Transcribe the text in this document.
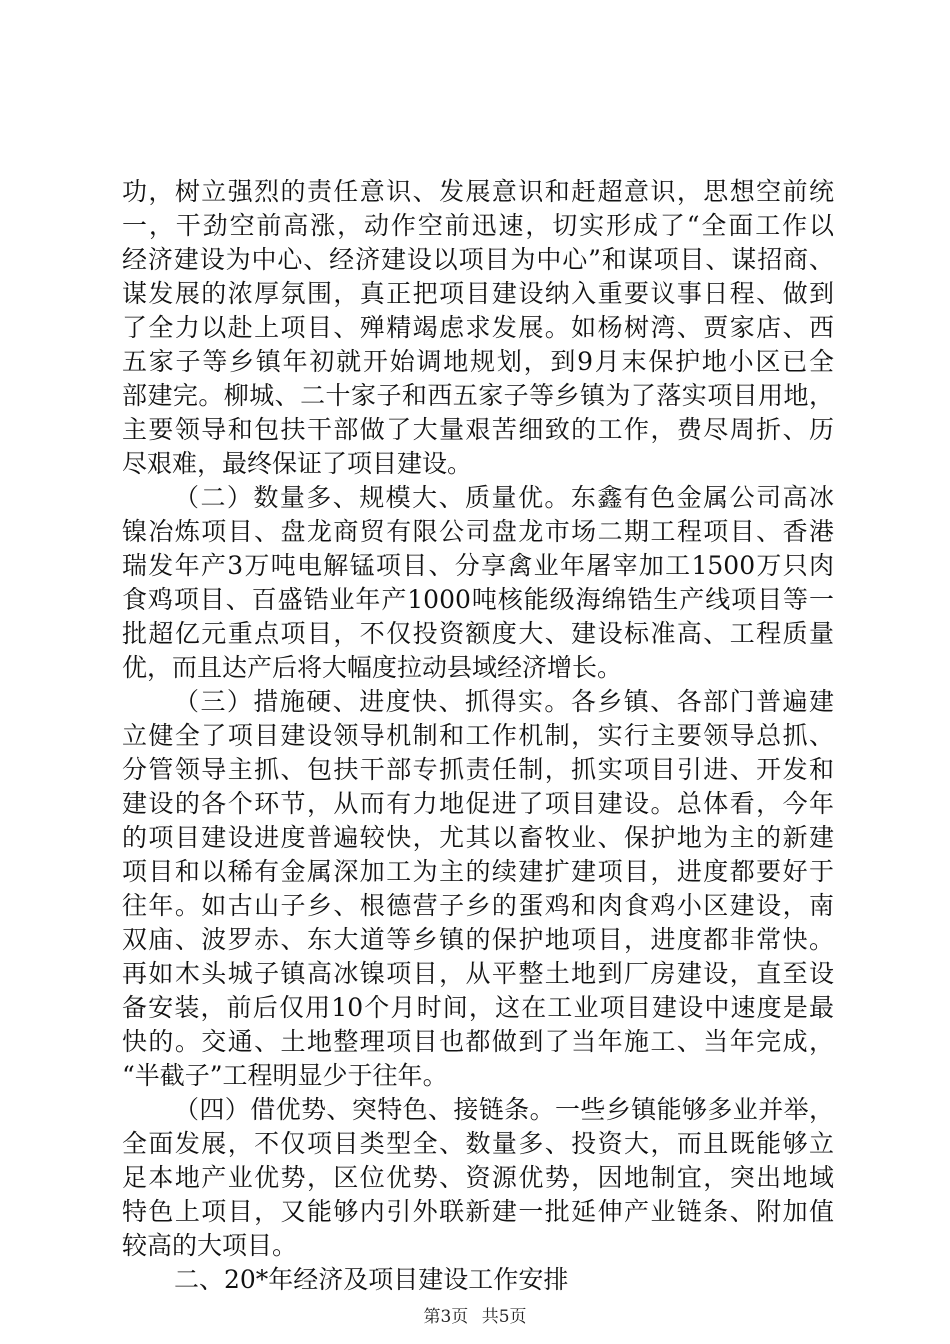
功，树立强烈的责任意识、发展意识和赶超意识，思想空前统
一，干劲空前高涨，动作空前迅速，切实形成了“全面工作以
经济建设为中心、经济建设以项目为中心”和谋项目、谋招商、
谋发展的浓厚氛围，真正把项目建设纳入重要议事日程、做到
了全力以赴上项目、殚精竭虑求发展。如杨树湾、贾家店、西
五家子等乡镇年初就开始调地规划，到9月末保护地小区已全
部建完。柳城、二十家子和西五家子等乡镇为了落实项目用地，
主要领导和包扶干部做了大量艰苦细致的工作，费尽周折、历
尽艰难，最终保证了项目建设。
（二）数量多、规模大、质量优。东鑫有色金属公司高冰
镍冶炼项目、盘龙商贸有限公司盘龙市场二期工程项目、香港
瑞发年产3万吨电解锰项目、分享禽业年屠宰加工1500万只肉
食鸡项目、百盛锆业年产1000吨核能级海绵锆生产线项目等一
批超亿元重点项目，不仅投资额度大、建设标准高、工程质量
优，而且达产后将大幅度拉动县域经济增长。
（三）措施硬、进度快、抓得实。各乡镇、各部门普遍建
立健全了项目建设领导机制和工作机制，实行主要领导总抓、
分管领导主抓、包扶干部专抓责任制，抓实项目引进、开发和
建设的各个环节，从而有力地促进了项目建设。总体看，今年
的项目建设进度普遍较快，尤其以畜牧业、保护地为主的新建
项目和以稀有金属深加工为主的续建扩建项目，进度都要好于
往年。如古山子乡、根德营子乡的蛋鸡和肉食鸡小区建设，南
双庙、波罗赤、东大道等乡镇的保护地项目，进度都非常快。
再如木头城子镇高冰镍项目，从平整土地到厂房建设，直至设
备安装，前后仅用10个月时间，这在工业项目建设中速度是最
快的。交通、土地整理项目也都做到了当年施工、当年完成，
“半截子”工程明显少于往年。
（四）借优势、突特色、接链条。一些乡镇能够多业并举，
全面发展，不仅项目类型全、数量多、投资大，而且既能够立
足本地产业优势，区位优势、资源优势，因地制宜，突出地域
特色上项目，又能够内引外联新建一批延伸产业链条、附加值
较高的大项目。
二、20*年经济及项目建设工作安排
第3页 共5页
